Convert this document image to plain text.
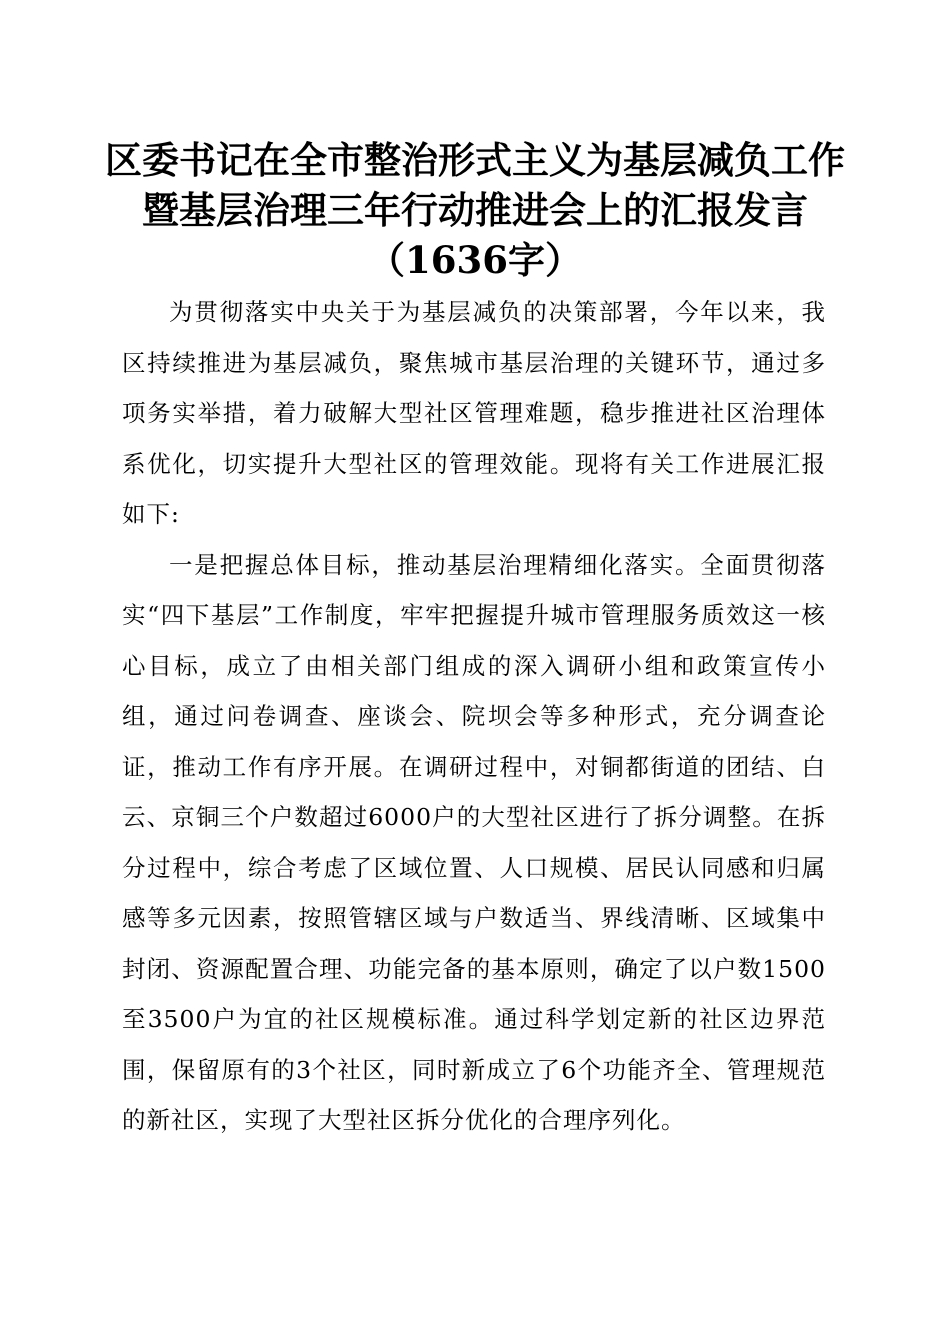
区委书记在全市整治形式主义为基层减负工作
暨基层治理三年行动推进会上的汇报发言
（1636字）

为贯彻落实中央关于为基层减负的决策部署，今年以来，我区持续推进为基层减负，聚焦城市基层治理的关键环节，通过多项务实举措，着力破解大型社区管理难题，稳步推进社区治理体系优化，切实提升大型社区的管理效能。现将有关工作进展汇报如下:

一是把握总体目标，推动基层治理精细化落实。全面贯彻落实“四下基层”工作制度，牢牢把握提升城市管理服务质效这一核心目标，成立了由相关部门组成的深入调研小组和政策宣传小组，通过问卷调查、座谈会、院坝会等多种形式，充分调查论证，推动工作有序开展。在调研过程中，对铜都街道的团结、白云、京铜三个户数超过6000户的大型社区进行了拆分调整。在拆分过程中，综合考虑了区域位置、人口规模、居民认同感和归属感等多元因素，按照管辖区域与户数适当、界线清晰、区域集中封闭、资源配置合理、功能完备的基本原则，确定了以户数1500至3500户为宜的社区规模标准。通过科学划定新的社区边界范围，保留原有的3个社区，同时新成立了6个功能齐全、管理规范的新社区，实现了大型社区拆分优化的合理序列化。
